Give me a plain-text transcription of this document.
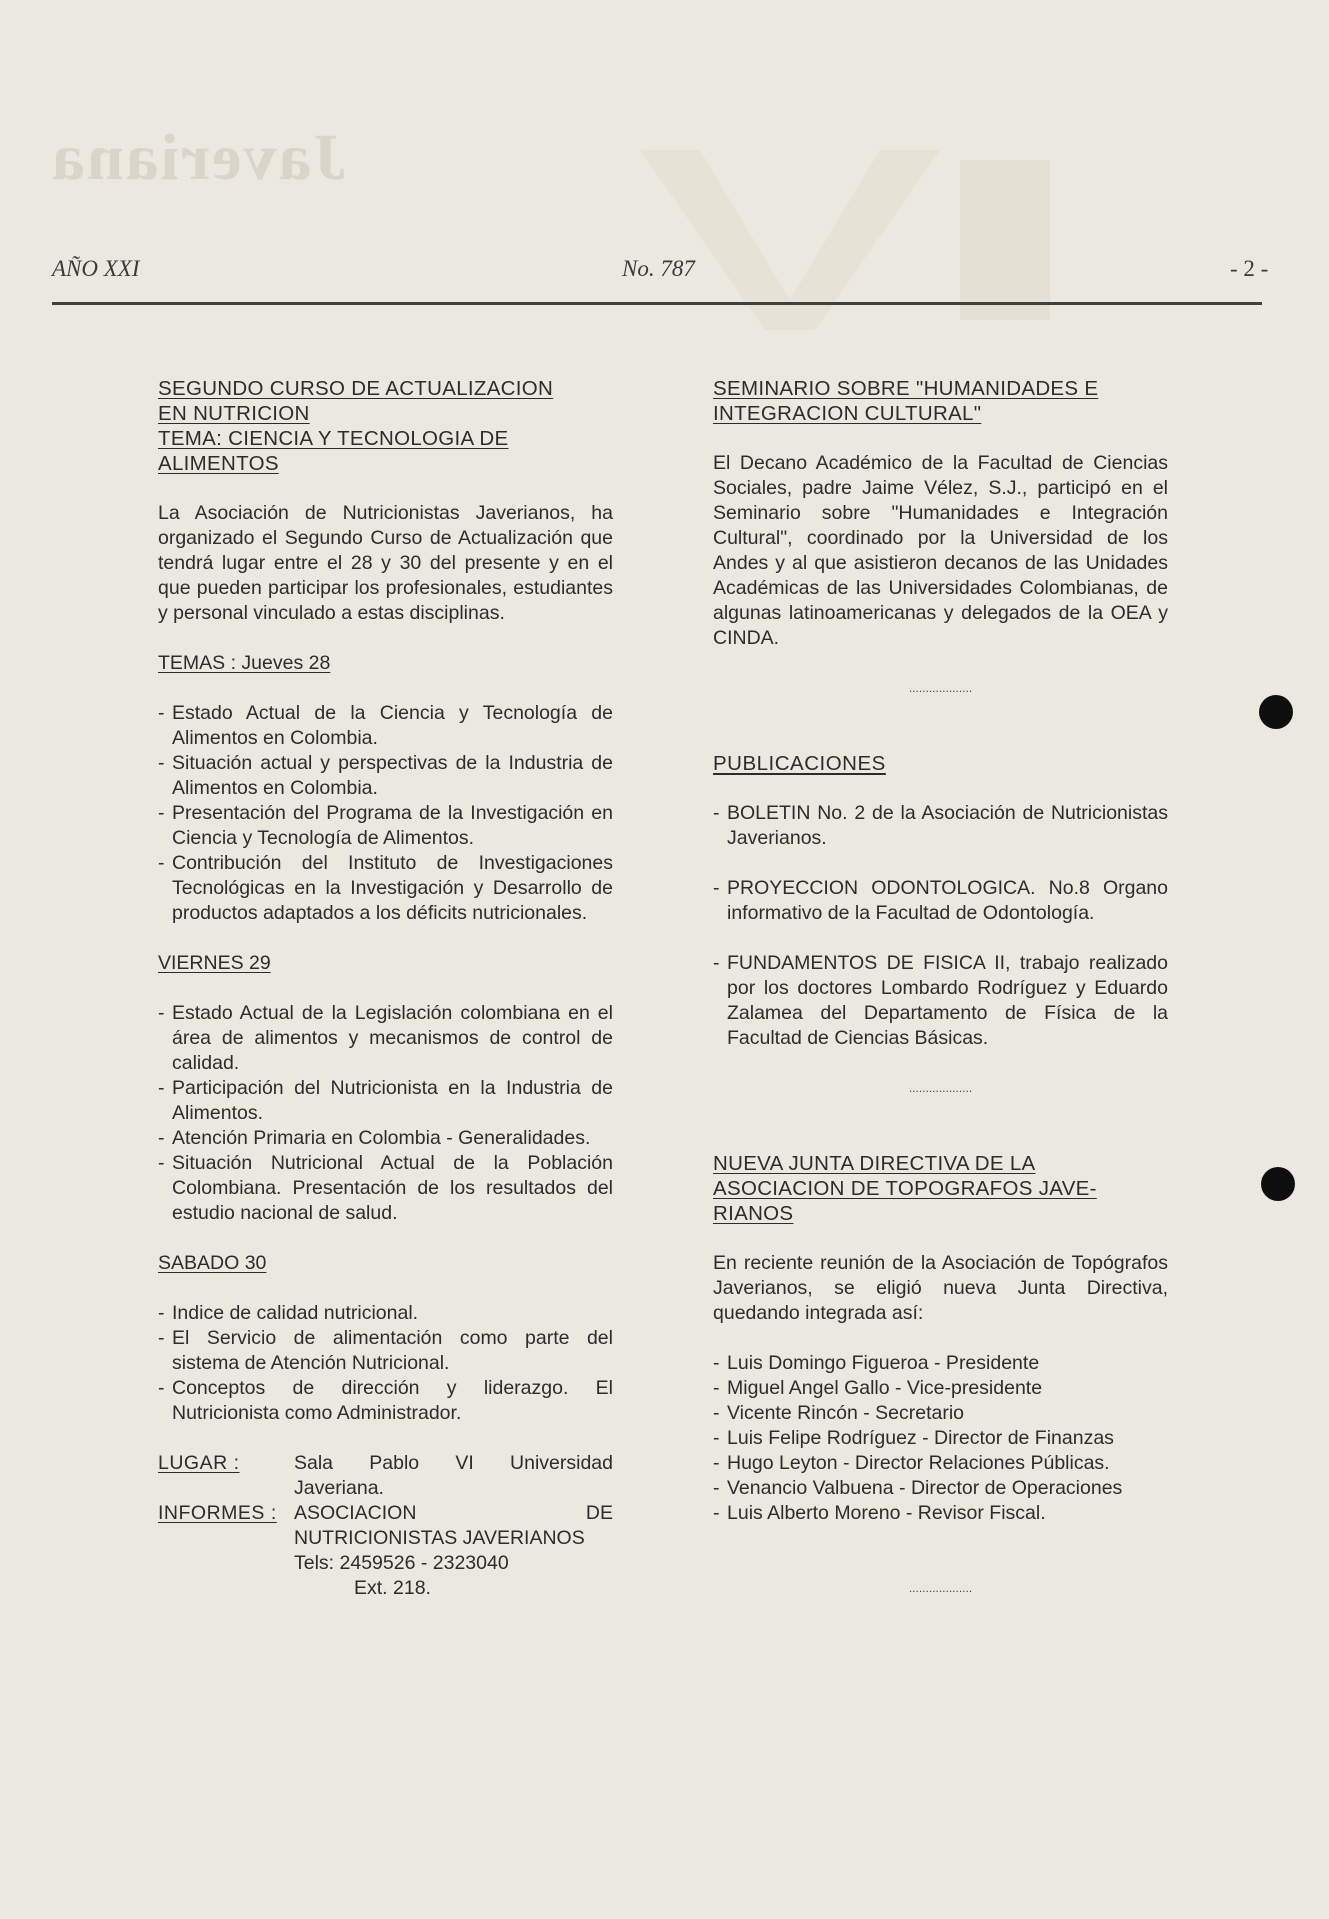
Javeriana
AÑO XXI	No. 787	- 2 -
SEGUNDO CURSO DE ACTUALIZACION
EN NUTRICION
TEMA: CIENCIA Y TECNOLOGIA DE
ALIMENTOS

La Asociación de Nutricionistas Javerianos, ha organizado el Segundo Curso de Actualización que tendrá lugar entre el 28 y 30 del presente y en el que pueden participar los profesionales, estudiantes y personal vinculado a estas disciplinas.

TEMAS : Jueves 28

- Estado Actual de la Ciencia y Tecnología de Alimentos en Colombia.
- Situación actual y perspectivas de la Industria de Alimentos en Colombia.
- Presentación del Programa de la Investigación en Ciencia y Tecnología de Alimentos.
- Contribución del Instituto de Investigaciones Tecnológicas en la Investigación y Desarrollo de productos adaptados a los déficits nutricionales.

VIERNES 29

- Estado Actual de la Legislación colombiana en el área de alimentos y mecanismos de control de calidad.
- Participación del Nutricionista en la Industria de Alimentos.
- Atención Primaria en Colombia - Generalidades.
- Situación Nutricional Actual de la Población Colombiana. Presentación de los resultados del estudio nacional de salud.

SABADO 30

- Indice de calidad nutricional.
- El Servicio de alimentación como parte del sistema de Atención Nutricional.
- Conceptos de dirección y liderazgo. El Nutricionista como Administrador.
LUGAR :	Sala Pablo VI Universidad Javeriana.
INFORMES : ASOCIACION DE NUTRICIONISTAS JAVERIANOS
Tels: 2459526 - 2323040
Ext. 218.
SEMINARIO SOBRE "HUMANIDADES E
INTEGRACION CULTURAL"

El Decano Académico de la Facultad de Ciencias Sociales, padre Jaime Vélez, S.J., participó en el Seminario sobre "Humanidades e Integración Cultural", coordinado por la Universidad de los Andes y al que asistieron decanos de las Unidades Académicas de las Universidades Colombianas, de algunas latinoamericanas y delegados de la OEA y CINDA.

...................

PUBLICACIONES

- BOLETIN No. 2 de la Asociación de Nutricionistas Javerianos.
- PROYECCION ODONTOLOGICA. No.8 Organo informativo de la Facultad de Odontología.
- FUNDAMENTOS DE FISICA II, trabajo realizado por los doctores Lombardo Rodríguez y Eduardo Zalamea del Departamento de Física de la Facultad de Ciencias Básicas.

...................

NUEVA JUNTA DIRECTIVA DE LA
ASOCIACION DE TOPOGRAFOS JAVE-
RIANOS

En reciente reunión de la Asociación de Topógrafos Javerianos, se eligió nueva Junta Directiva, quedando integrada así:

- Luis Domingo Figueroa - Presidente
- Miguel Angel Gallo - Vice-presidente
- Vicente Rincón - Secretario
- Luis Felipe Rodríguez - Director de Finanzas
- Hugo Leyton - Director Relaciones Públicas.
- Venancio Valbuena - Director de Operaciones
- Luis Alberto Moreno - Revisor Fiscal.

...................
